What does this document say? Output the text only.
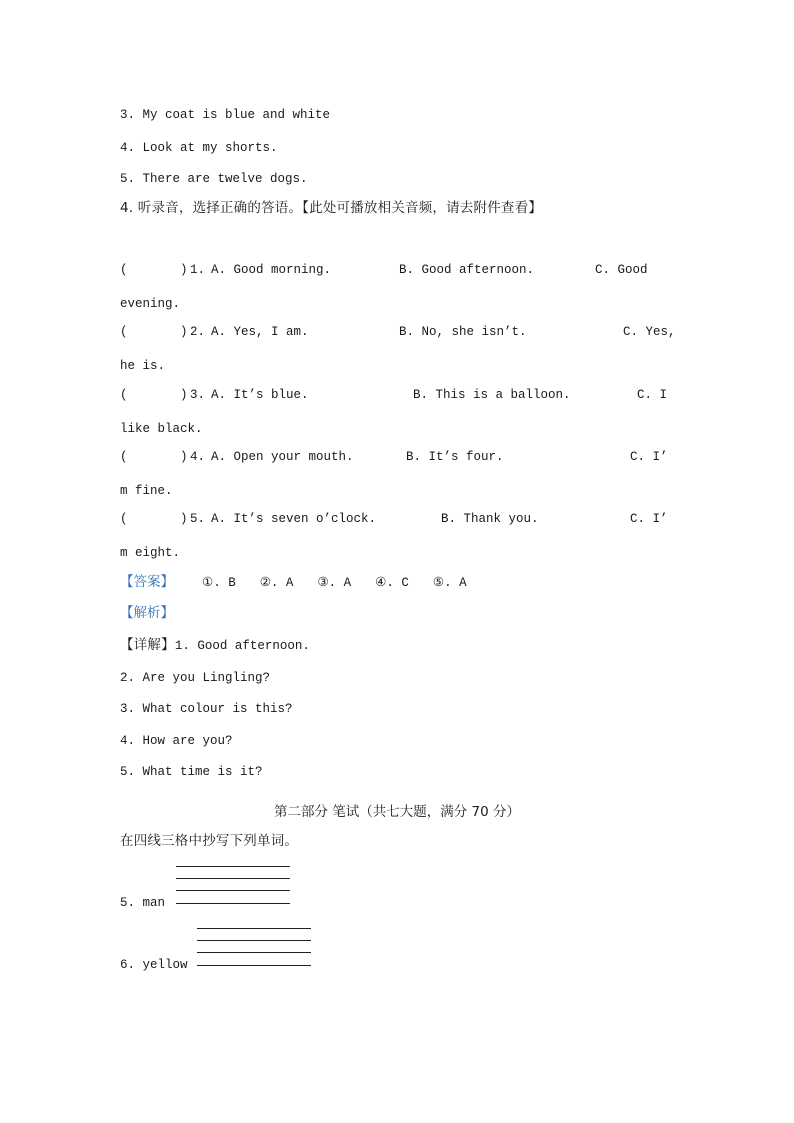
3. My coat is blue and white

4. Look at my shorts.

5. There are twelve dogs.

4. 听录音，选择正确的答语。【此处可播放相关音频，请去附件查看】

(       )

1.

A. Good morning.

	B. Good afternoon.

	C. Good

evening.

(       )

2.

A. Yes, I am.

	B. No, she isn’t.

	C. Yes,

he is.

(       )

3.

A. It’s blue.

	B. This is a balloon.

	C. I

like black.

(       )

4.

A. Open your mouth.

	B. It’s four.

	C. I’

m fine.

(       )

5.

A. It’s seven o’clock.

	B. Thank you.

	C. I’

m eight.

【答案】 ①. B ②. A ③. A ④. C ⑤. A

【解析】

【详解】1. Good afternoon.

2. Are you Lingling?

3. What colour is this?

4. How are you?

5. What time is it?

第二部分 笔试（共七大题，满分 70 分）

在四线三格中抄写下列单词。

5. man

6. yellow
